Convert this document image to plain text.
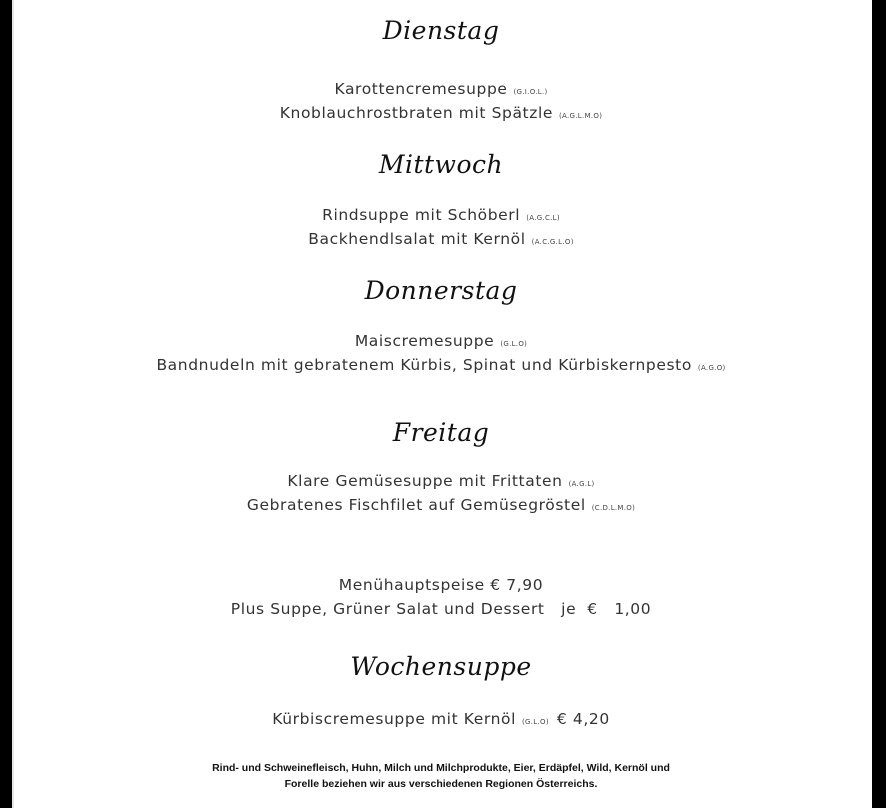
Dienstag
Karottencremesuppe (G.I.O.L.)
Knoblauchrostbraten mit Spätzle (A.G.L.M.O)
Mittwoch
Rindsuppe mit Schöberl (A.G.C.L)
Backhendlsalat mit Kernöl (A.C.G.L.O)
Donnerstag
Maiscremesuppe (G.L.O)
Bandnudeln mit gebratenem Kürbis, Spinat und Kürbiskernpesto (A.G.O)
Freitag
Klare Gemüsesuppe mit Frittaten (A.G.L)
Gebratenes Fischfilet auf Gemüsegröstel (C.D.L.M.O)
Menühauptspeise € 7,90
Plus Suppe, Grüner Salat und Dessert   je  €   1,00
Wochensuppe
Kürbiscremesuppe mit Kernöl (G.L.O) € 4,20
Rind- und Schweinefleisch, Huhn, Milch und Milchprodukte, Eier, Erdäpfel, Wild, Kernöl und
Forelle beziehen wir aus verschiedenen Regionen Österreichs.
